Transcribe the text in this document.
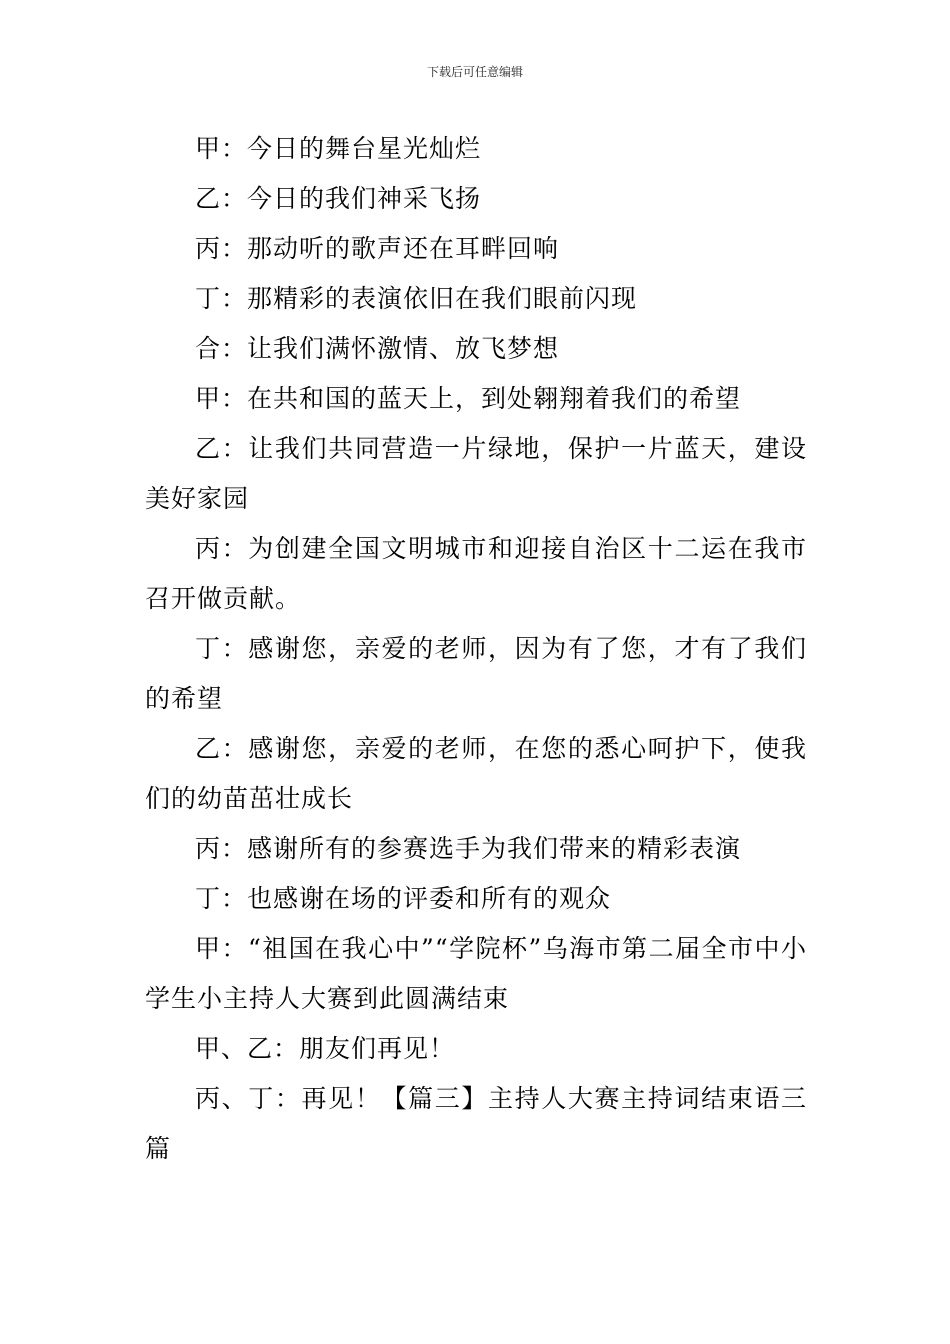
下载后可任意编辑

甲：今日的舞台星光灿烂

乙：今日的我们神采飞扬

丙：那动听的歌声还在耳畔回响

丁：那精彩的表演依旧在我们眼前闪现

合：让我们满怀激情、放飞梦想

甲：在共和国的蓝天上，到处翱翔着我们的希望

乙：让我们共同营造一片绿地，保护一片蓝天，建设美好家园

丙：为创建全国文明城市和迎接自治区十二运在我市召开做贡献。

丁：感谢您，亲爱的老师，因为有了您，才有了我们的希望

乙：感谢您，亲爱的老师，在您的悉心呵护下，使我们的幼苗茁壮成长

丙：感谢所有的参赛选手为我们带来的精彩表演

丁：也感谢在场的评委和所有的观众

甲：“祖国在我心中”“学院杯”乌海市第二届全市中小学生小主持人大赛到此圆满结束

甲、乙：朋友们再见！

丙、丁：再见！【篇三】主持人大赛主持词结束语三篇
